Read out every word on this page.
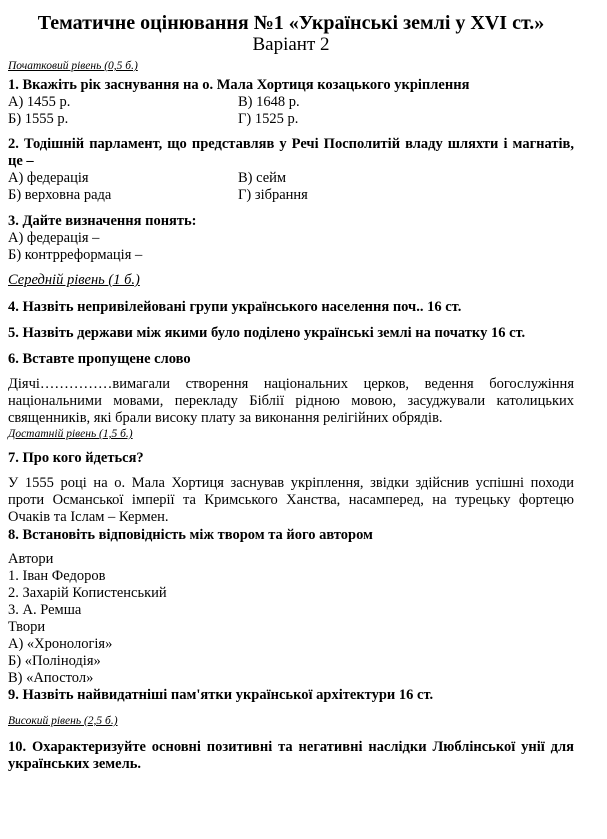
Тематичне оцінювання №1 «Українські землі у XVI ст.»
Варіант 2
Початковий рівень (0,5 б.)
1. Вкажіть рік заснування на о. Мала Хортиця козацького укріплення
А) 1455 р.	В) 1648 р.
Б) 1555 р.	Г) 1525 р.
2. Тодішній парламент, що представляв у Речі Посполитій владу шляхти і магнатів, це –
А) федерація	В) сейм
Б) верховна рада	Г) зібрання
3. Дайте визначення понять:
А) федерація –
Б) контрреформація –
Середній рівень (1 б.)
4. Назвіть непривілейовані групи українського населення поч.. 16 ст.
5. Назвіть держави між якими було поділено українські землі на початку 16 ст.
6. Вставте пропущене слово
Діячі……………вимагали створення національних церков, ведення богослужіння національними мовами, перекладу Біблії рідною мовою, засуджували католицьких священників, які брали високу плату за виконання релігійних обрядів.
Достатній рівень (1,5 б.)
7. Про кого йдеться?
У 1555 році на о. Мала Хортиця заснував укріплення, звідки здійснив успішні походи проти Османської імперії та Кримського Ханства, насамперед, на турецьку фортецю Очаків та Іслам – Кермен.
8. Встановіть відповідність між твором та його автором
Автори
1. Іван Федоров
2. Захарій Копистенський
3. А. Ремша
Твори
А) «Хронологія»
Б) «Полінодія»
В) «Апостол»
9. Назвіть найвидатніші пам'ятки української архітектури 16 ст.
Високий рівень (2,5 б.)
10. Охарактеризуйте основні позитивні та негативні наслідки Люблінської унії для українських земель.
